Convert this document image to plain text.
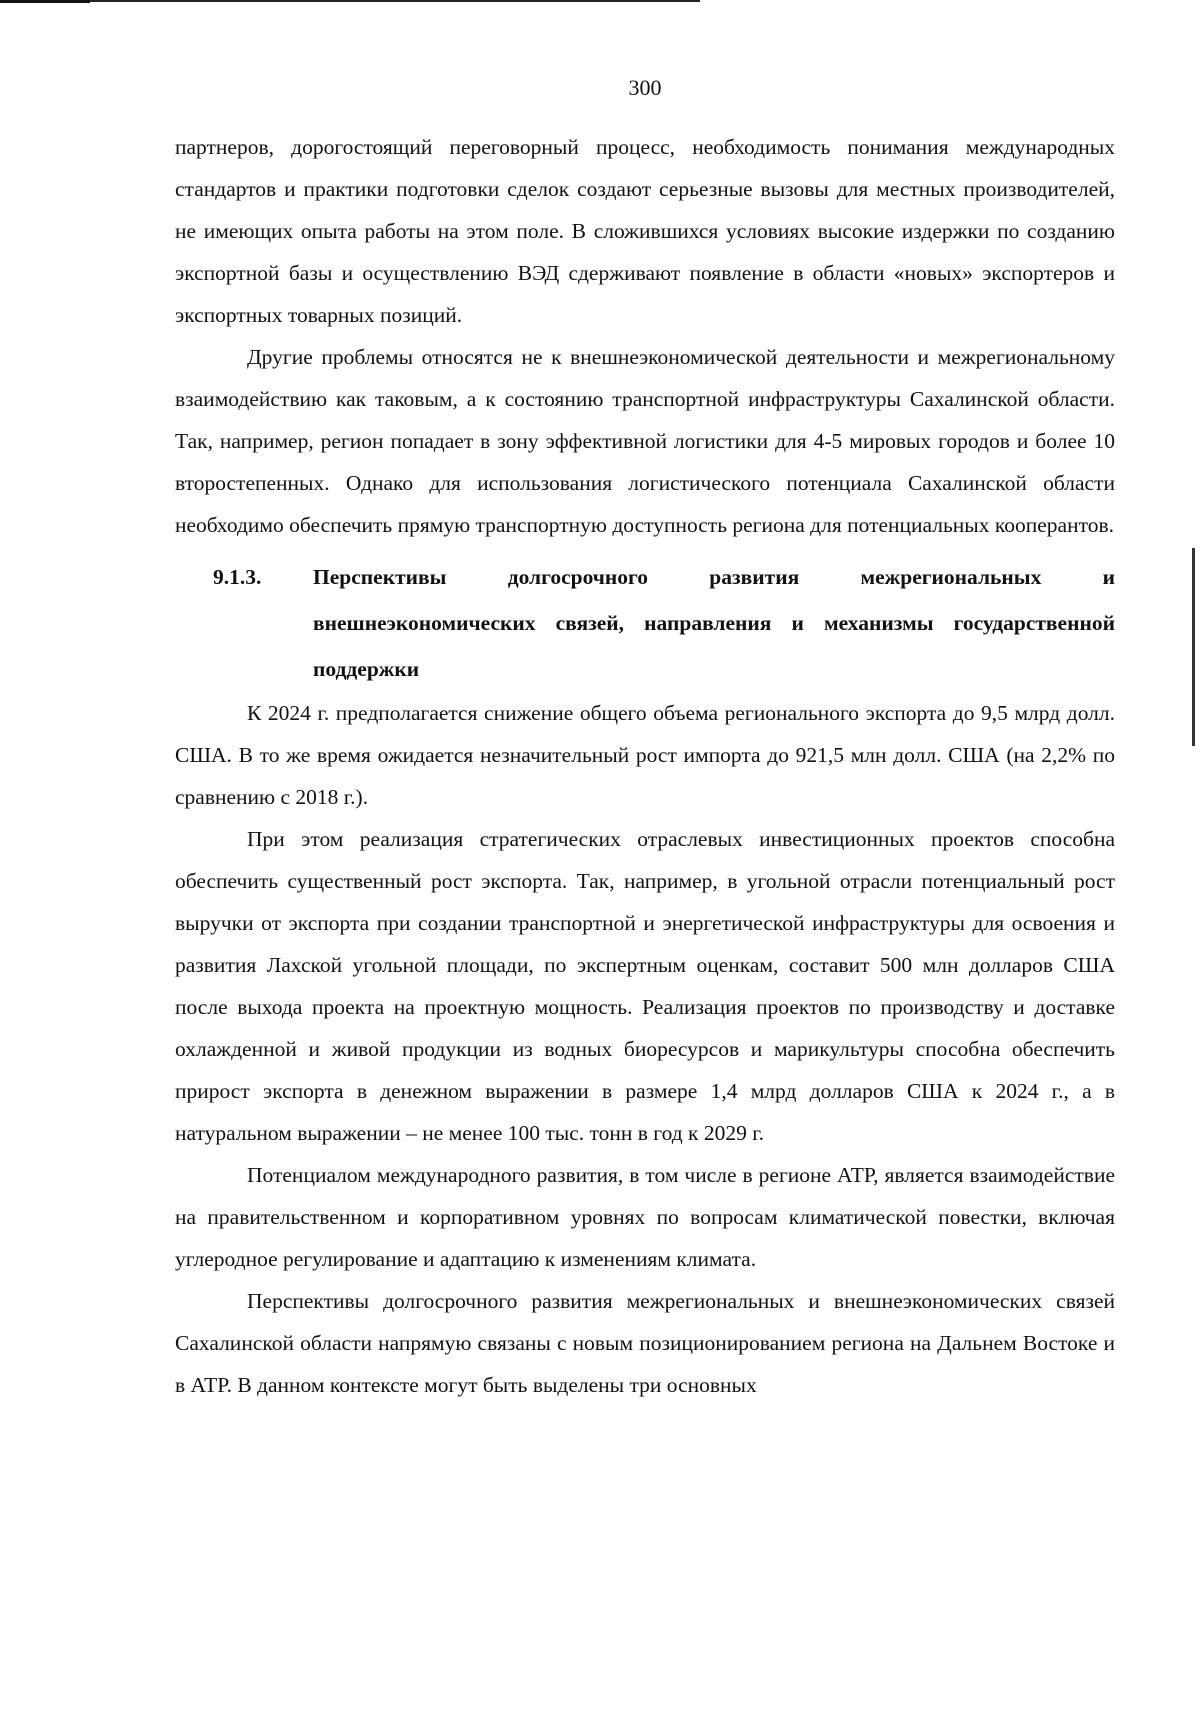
300

партнеров, дорогостоящий переговорный процесс, необходимость понимания международных стандартов и практики подготовки сделок создают серьезные вызовы для местных производителей, не имеющих опыта работы на этом поле. В сложившихся условиях высокие издержки по созданию экспортной базы и осуществлению ВЭД сдерживают появление в области «новых» экспортеров и экспортных товарных позиций.

Другие проблемы относятся не к внешнеэкономической деятельности и межрегиональному взаимодействию как таковым, а к состоянию транспортной инфраструктуры Сахалинской области. Так, например, регион попадает в зону эффективной логистики для 4-5 мировых городов и более 10 второстепенных. Однако для использования логистического потенциала Сахалинской области необходимо обеспечить прямую транспортную доступность региона для потенциальных кооперантов.

9.1.3.	Перспективы долгосрочного развития межрегиональных и внешнеэкономических связей, направления и механизмы государственной поддержки

К 2024 г. предполагается снижение общего объема регионального экспорта до 9,5 млрд долл. США. В то же время ожидается незначительный рост импорта до 921,5 млн долл. США (на 2,2% по сравнению с 2018 г.).

При этом реализация стратегических отраслевых инвестиционных проектов способна обеспечить существенный рост экспорта. Так, например, в угольной отрасли потенциальный рост выручки от экспорта при создании транспортной и энергетической инфраструктуры для освоения и развития Лахской угольной площади, по экспертным оценкам, составит 500 млн долларов США после выхода проекта на проектную мощность. Реализация проектов по производству и доставке охлажденной и живой продукции из водных биоресурсов и марикультуры способна обеспечить прирост экспорта в денежном выражении в размере 1,4 млрд долларов США к 2024 г., а в натуральном выражении – не менее 100 тыс. тонн в год к 2029 г.

Потенциалом международного развития, в том числе в регионе АТР, является взаимодействие на правительственном и корпоративном уровнях по вопросам климатической повестки, включая углеродное регулирование и адаптацию к изменениям климата.

Перспективы долгосрочного развития межрегиональных и внешнеэкономических связей Сахалинской области напрямую связаны с новым позиционированием региона на Дальнем Востоке и в АТР. В данном контексте могут быть выделены три основных
